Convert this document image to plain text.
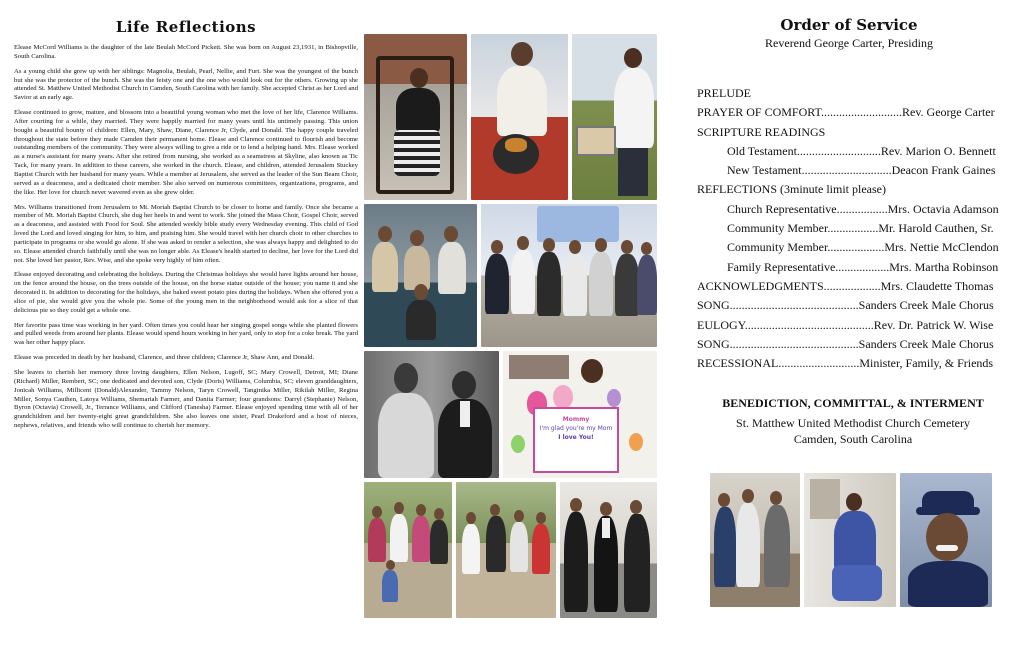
Life Reflections

Elease McCord Williams is the daughter of the late Beulah McCord Pickett. She was born on August 23,1931, in Bishopville, South Carolina.

As a young child she grew up with her siblings: Magnolia, Beulah, Pearl, Nellie, and Furt. She was the youngest of the bunch but she was the protector of the bunch. She was the feisty one and the one who would look out for the others. Growing up she attended St. Matthew United Methodist Church in Camden, South Carolina with her family. She accepted Christ as her Lord and Savior at an early age.

Elease continued to grow, mature, and blossom into a beautiful young woman who met the love of her life, Clarence Williams. After courting for a while, they married. They were happily married for many years until his untimely passing. This union bought a beautiful bounty of children: Ellen, Mary, Shaw, Diane, Clarence Jr, Clyde, and Donald. The happy couple traveled throughout the state before they made Camden their permanent home. Elease and Clarence continued to flourish and become outstanding members of the community. They were always willing to give a ride or to lend a helping hand. Mrs. Elease worked as a nurse's assistant for many years. After she retired from nursing, she worked as a seamstress at Skyline, also known as Tic Tack, for many years. In addition to these careers, she worked in the church. Elease, and children, attended Jerusalem Stuckey Baptist Church with her husband for many years. While a member at Jerusalem, she served as the leader of the Sun Beam Choir, served as a deaconess, and a dedicated choir member. She also served on numerous committees, organizations, programs, and the like. Her love for church never wavered even as she grew older.

Mrs. Williams transitioned from Jerusalem to Mt. Moriah Baptist Church to be closer to home and family. Once she became a member of Mt. Moriah Baptist Church, she dug her heels in and went to work. She joined the Mass Choir, Gospel Choir, served as a deaconess, and assisted with Food for Soul. She attended weekly bible study every Wednesday evening. This child of God loved the Lord and loved singing for him, to him, and praising him. She would travel with her church choir to other churches to participate in programs or she would go alone. If she was asked to render a selection, she was always happy and delighted to do so. Elease attended church faithfully until she was no longer able. As Elease's health started to decline, her love for the Lord did not. She loved her pastor, Rev. Wise, and she spoke very highly of him often.

Elease enjoyed decorating and celebrating the holidays. During the Christmas holidays she would have lights around her house, on the fence around the house, on the trees outside of the house, on the horse statue outside of the house; you name it and she decorated it. In addition to decorating for the holidays, she baked sweet potato pies during the holidays. When she offered you a slice of pie, she would give you the whole pie. Some of the young men in the neighborhood would ask for a slice of that delicious pie so they could get a whole one.

Her favorite pass time was working in her yard. Often times you could hear her singing gospel songs while she planted flowers and pulled weeds from around her plants. Elease would spend hours working in her yard, only to stop for a coke break. The yard was her other happy place.

Elease was preceded in death by her husband, Clarence, and three children; Clarence Jr, Shaw Ann, and Donald.

She leaves to cherish her memory three loving daughters, Ellen Nelson, Lugoff, SC; Mary Crowell, Detroit, MI; Diane (Richard) Miller, Rembert, SC; one dedicated and devoted son, Clyde (Doris) Williams, Columbia, SC; eleven granddaughters, Jonicah Williams, Millicent (Donald)Alexander, Tammy Nelson, Taryn Crowell, Tanginika Miller, Rikilah Miller, Regina Miller, Sonya Cauthen, Latoya Williams, Shemariah Farmer, and Danita Farmer; four grandsons: Darryl (Stephanie) Nelson, Byron (Octavia) Crowell, Jr., Terrance Williams, and Clifford (Tanesha) Farmer. Elease enjoyed spending time with all of her grandchildren and her twenty-eight great grandchildren. She also leaves one sister, Pearl Drakeford and a host of nieces, nephews, relatives, and friends who will continue to cherish her memory.

Mommy
I'm glad you're my Mom
I love You!
Order of Service

Reverend George Carter, Presiding

PRELUDE
PRAYER OF COMFORT...........................Rev. George Carter
SCRIPTURE READINGS
Old Testament............................Rev. Marion O. Bennett
New Testament..............................Deacon Frank Gaines
REFLECTIONS (3minute limit please)
Church Representative.................Mrs. Octavia Adamson
Community Member.................Mr. Harold Cauthen, Sr.
Community Member...................Mrs. Nettie McClendon
Family Representative..................Mrs. Martha Robinson
ACKNOWLEDGMENTS...................Mrs. Claudette Thomas
SONG...........................................Sanders Creek Male Chorus
EULOGY...........................................Rev. Dr. Patrick W. Wise
SONG...........................................Sanders Creek Male Chorus
RECESSIONAL...........................Minister, Family, & Friends

BENEDICTION, COMMITTAL, & INTERMENT

St. Matthew United Methodist Church Cemetery

Camden, South Carolina
